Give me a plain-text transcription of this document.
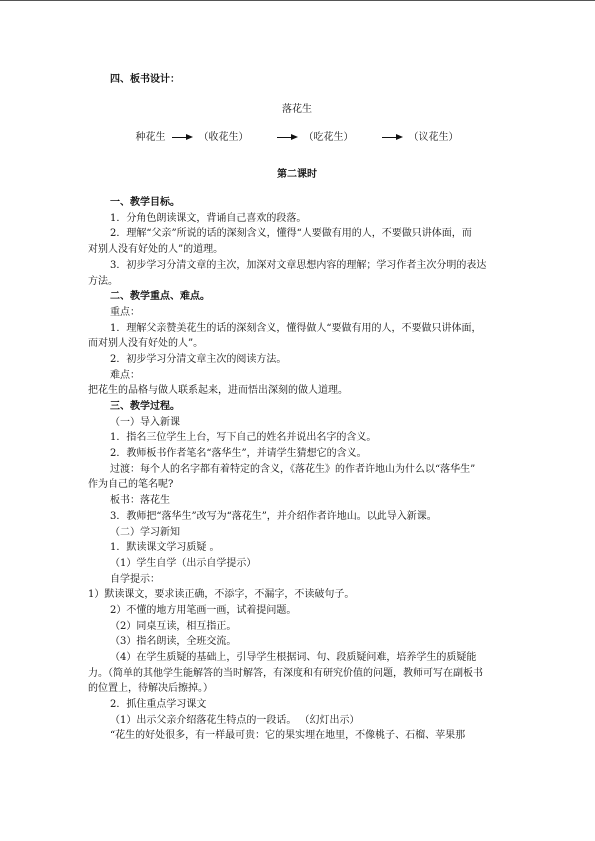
四、板书设计：
落花生
种花生	（收花生）	（吃花生）	（议花生）
第二课时
一、教学目标。
1．分角色朗读课文，背诵自己喜欢的段落。
2．理解“父亲”所说的话的深刻含义，懂得“人要做有用的人，不要做只讲体面，而
对别人没有好处的人”的道理。
3．初步学习分清文章的主次，加深对文章思想内容的理解；学习作者主次分明的表达
方法。
二、教学重点、难点。
重点：
1．理解父亲赞美花生的话的深刻含义，懂得做人“要做有用的人，不要做只讲体面，
而对别人没有好处的人”。
2．初步学习分清文章主次的阅读方法。
难点：
把花生的品格与做人联系起来，进而悟出深刻的做人道理。
三、教学过程。
（一）导入新课
1．指名三位学生上台，写下自己的姓名并说出名字的含义。
2．教师板书作者笔名“落华生”，并请学生猜想它的含义。
过渡：每个人的名字都有着特定的含义，《落花生》的作者许地山为什么以“落华生”
作为自己的笔名呢?
板书：落花生
3．教师把“落华生”改写为“落花生”，并介绍作者许地山。以此导入新课。
（二）学习新知
1．默读课文学习质疑 。
（1）学生自学（出示自学提示）
自学提示：
1）默读课文，要求读正确，不添字，不漏字，不读破句子。
2）不懂的地方用笔画一画，试着提问题。
（2）同桌互读，相互指正。
（3）指名朗读，全班交流。
（4）在学生质疑的基础上，引导学生根据词、句、段质疑问难，培养学生的质疑能
力。（简单的其他学生能解答的当时解答，有深度和有研究价值的问题，教师可写在副板书
的位置上，待解决后擦掉。）
2．抓住重点学习课文
（1）出示父亲介绍落花生特点的一段话。 （幻灯出示）
“花生的好处很多，有一样最可贵：它的果实埋在地里，不像桃子、石榴、苹果那
